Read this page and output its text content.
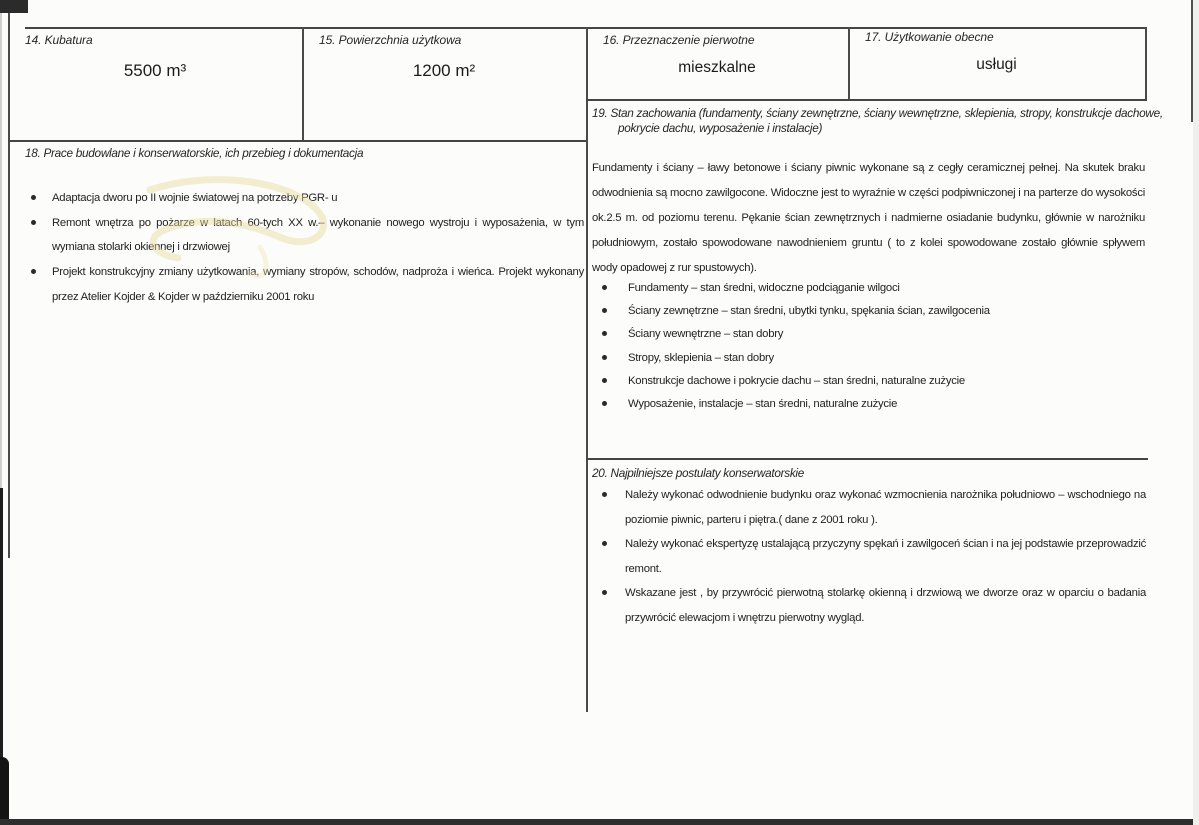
14. Kubatura
5500 m³
15. Powierzchnia użytkowa
1200 m²
16. Przeznaczenie pierwotne
mieszkalne
17. Użytkowanie obecne
usługi
18. Prace budowlane i konserwatorskie, ich przebieg i dokumentacja
Adaptacja dworu po II wojnie światowej na potrzeby PGR- u
Remont wnętrza po pożarze w latach 60-tych XX w.– wykonanie nowego wystroju i wyposażenia, w tym wymiana stolarki okiennej i drzwiowej
Projekt konstrukcyjny zmiany użytkowania, wymiany stropów, schodów, nadproża i wieńca. Projekt wykonany przez Atelier Kojder & Kojder w październiku 2001 roku
19. Stan zachowania (fundamenty, ściany zewnętrzne, ściany wewnętrzne, sklepienia, stropy, konstrukcje dachowe, pokrycie dachu, wyposażenie i instalacje)
Fundamenty i ściany – ławy betonowe i ściany piwnic wykonane są z cegły ceramicznej pełnej. Na skutek braku odwodnienia są mocno zawilgocone. Widoczne jest to wyraźnie w części podpiwniczonej i na parterze do wysokości ok.2.5 m. od poziomu terenu. Pękanie ścian zewnętrznych i nadmierne osiadanie budynku, głównie w narożniku południowym, zostało spowodowane nawodnieniem gruntu ( to z kolei spowodowane zostało głównie spływem wody opadowej z rur spustowych).
Fundamenty – stan średni, widoczne podciąganie wilgoci
Ściany zewnętrzne – stan średni, ubytki tynku, spękania ścian, zawilgocenia
Ściany wewnętrzne – stan dobry
Stropy, sklepienia – stan dobry
Konstrukcje dachowe i pokrycie dachu – stan średni, naturalne zużycie
Wyposażenie, instalacje – stan średni, naturalne zużycie
20. Najpilniejsze postulaty konserwatorskie
Należy wykonać odwodnienie budynku oraz wykonać wzmocnienia narożnika południowo – wschodniego na poziomie piwnic, parteru i piętra.( dane z 2001 roku ).
Należy wykonać ekspertyzę ustalającą przyczyny spękań i zawilgoceń ścian i na jej podstawie przeprowadzić remont.
Wskazane jest , by przywrócić pierwotną stolarkę okienną i drzwiową we dworze oraz w oparciu o badania przywrócić elewacjom i wnętrzu pierwotny wygląd.
